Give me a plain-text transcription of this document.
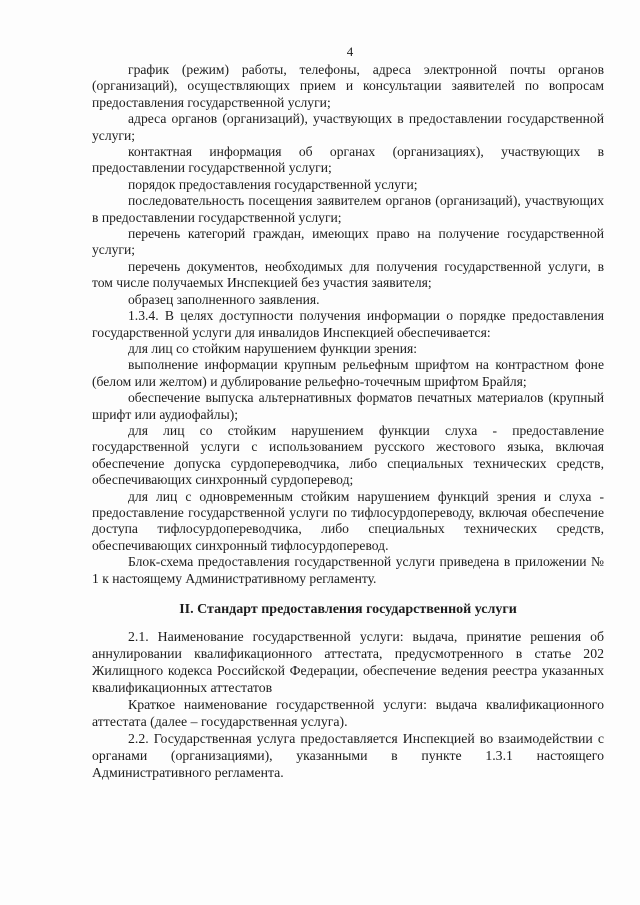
4

график (режим) работы, телефоны, адреса электронной почты органов (организаций), осуществляющих прием и консультации заявителей по вопросам предоставления государственной услуги;

адреса органов (организаций), участвующих в предоставлении государственной услуги;

контактная информация об органах (организациях), участвующих в предоставлении государственной услуги;

порядок предоставления государственной услуги;

последовательность посещения заявителем органов (организаций), участвующих в предоставлении государственной услуги;

перечень категорий граждан, имеющих право на получение государственной услуги;

перечень документов, необходимых для получения государственной услуги, в том числе получаемых Инспекцией без участия заявителя;

образец заполненного заявления.

1.3.4. В целях доступности получения информации о порядке предоставления государственной услуги для инвалидов Инспекцией обеспечивается:

для лиц со стойким нарушением функции зрения:

выполнение информации крупным рельефным шрифтом на контрастном фоне (белом или желтом) и дублирование рельефно-точечным шрифтом Брайля;

обеспечение выпуска альтернативных форматов печатных материалов (крупный шрифт или аудиофайлы);

для лиц со стойким нарушением функции слуха - предоставление государственной услуги с использованием русского жестового языка, включая обеспечение допуска сурдопереводчика, либо специальных технических средств, обеспечивающих синхронный сурдоперевод;

для лиц с одновременным стойким нарушением функций зрения и слуха - предоставление государственной услуги по тифлосурдопереводу, включая обеспечение доступа тифлосурдопереводчика, либо специальных технических средств, обеспечивающих синхронный тифлосурдоперевод.

Блок-схема предоставления государственной услуги приведена в приложении № 1 к настоящему Административному регламенту.

II. Стандарт предоставления государственной услуги

2.1. Наименование государственной услуги: выдача, принятие решения об аннулировании квалификационного аттестата, предусмотренного в статье 202 Жилищного кодекса Российской Федерации, обеспечение ведения реестра указанных квалификационных аттестатов

Краткое наименование государственной услуги: выдача квалификационного аттестата (далее – государственная услуга).

2.2. Государственная услуга предоставляется Инспекцией во взаимодействии с органами (организациями), указанными в пункте 1.3.1 настоящего Административного регламента.
